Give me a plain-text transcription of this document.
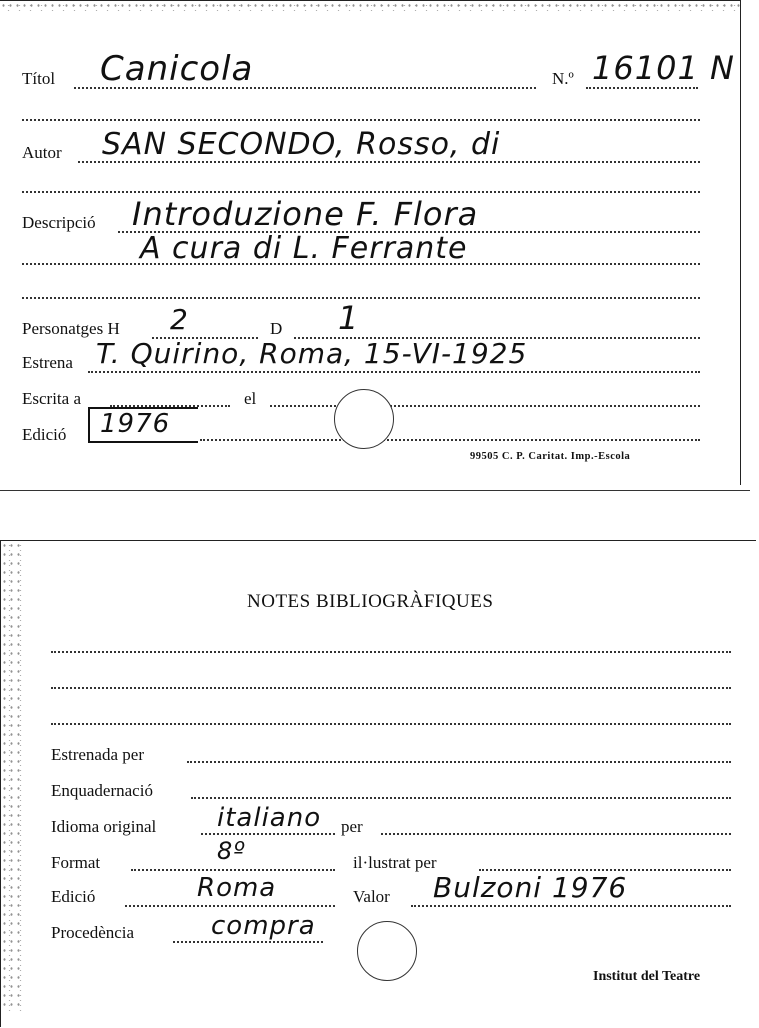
Títol Canicola	N.º 16101 N
Autor SAN SECONDO, Rosso, di
Descripció Introduzione F. Flora
A cura di L. Ferrante
Personatges H 2	D 1
Estrena T. Quirino, Roma, 15-VI-1925
Escrita a	el
Edició 1976
99505 C. P. Caritat. Imp.-Escola
NOTES BIBLIOGRÀFIQUES
Estrenada per
Enquadernació
Idioma original italiano per
Format	8º	il·lustrat per
Edició	Roma	Valor Bulzoni 1976
Procedència	compra
Institut del Teatre
